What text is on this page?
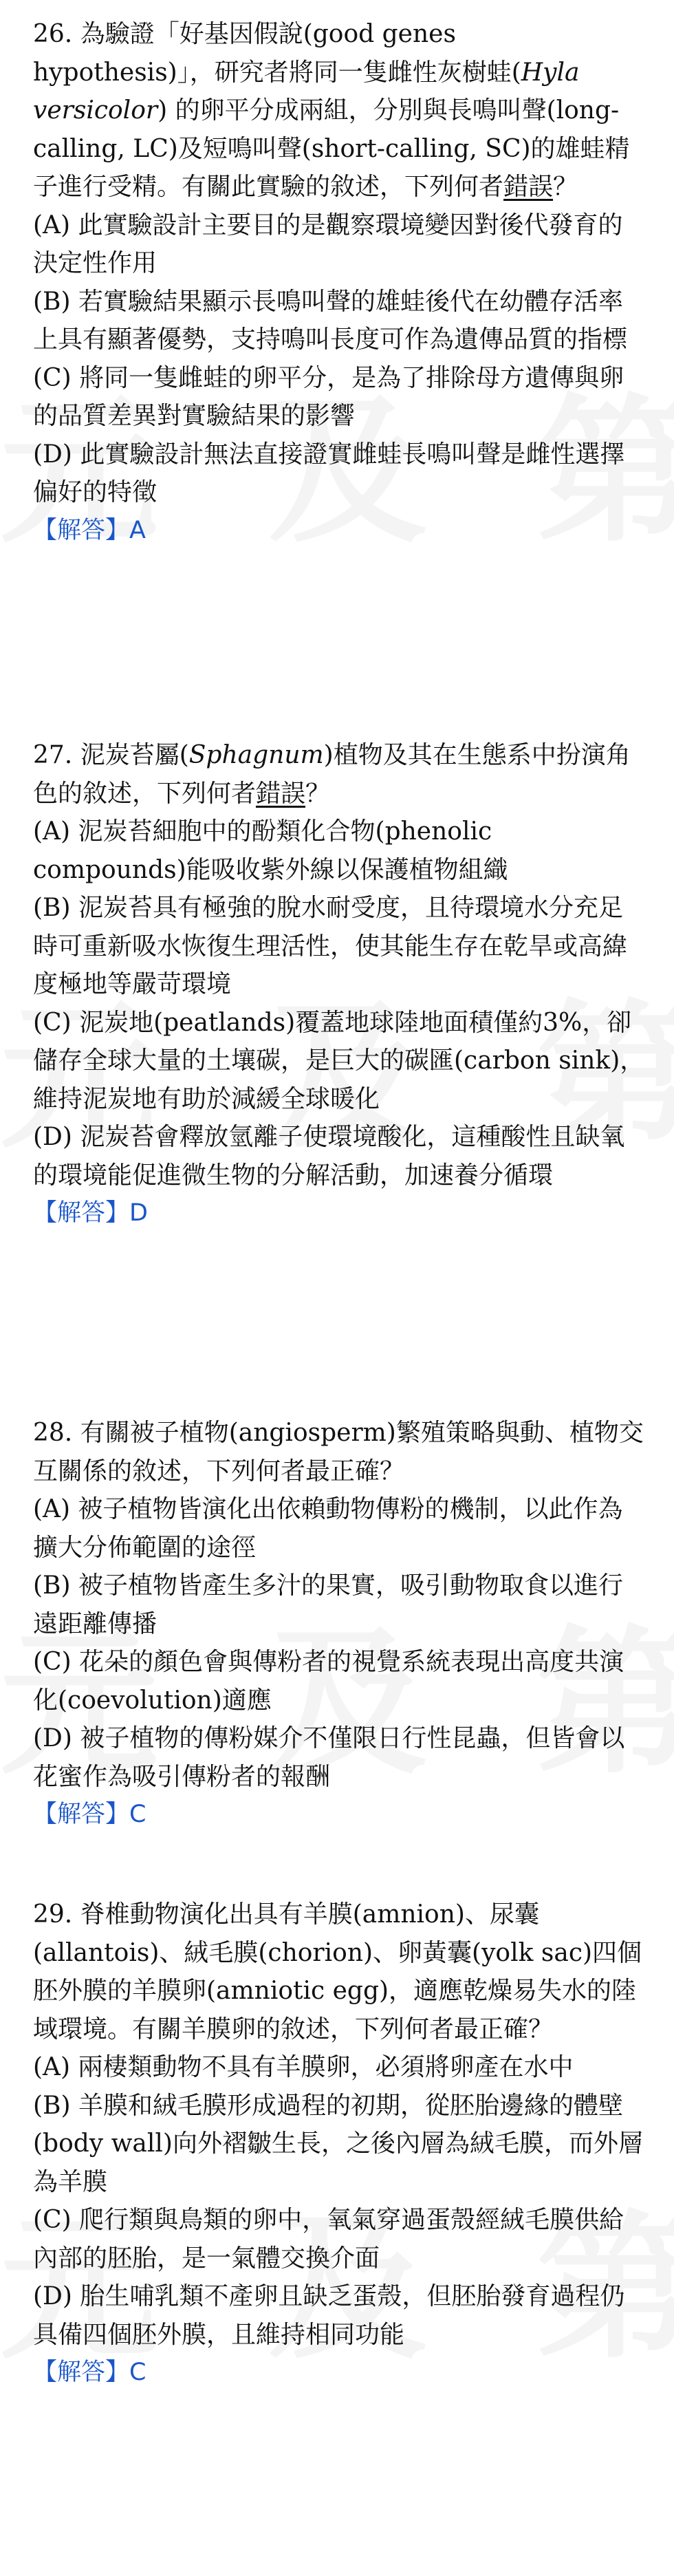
26. 為驗證「好基因假說(good genes hypothesis)」，研究者將同一隻雌性灰樹蛙(Hyla versicolor) 的卵平分成兩組，分別與長鳴叫聲(long-calling, LC)及短鳴叫聲(short-calling, SC)的雄蛙精子進行受精。有關此實驗的敘述，下列何者錯誤？

(A) 此實驗設計主要目的是觀察環境變因對後代發育的決定性作用

(B) 若實驗結果顯示長鳴叫聲的雄蛙後代在幼體存活率上具有顯著優勢，支持鳴叫長度可作為遺傳品質的指標

(C) 將同一隻雌蛙的卵平分，是為了排除母方遺傳與卵的品質差異對實驗結果的影響

(D) 此實驗設計無法直接證實雌蛙長鳴叫聲是雌性選擇偏好的特徵

【解答】A

27. 泥炭苔屬(Sphagnum)植物及其在生態系中扮演角色的敘述，下列何者錯誤？

(A) 泥炭苔細胞中的酚類化合物(phenolic compounds)能吸收紫外線以保護植物組織

(B) 泥炭苔具有極強的脫水耐受度，且待環境水分充足時可重新吸水恢復生理活性，使其能生存在乾旱或高緯度極地等嚴苛環境

(C) 泥炭地(peatlands)覆蓋地球陸地面積僅約3%，卻儲存全球大量的土壤碳，是巨大的碳匯(carbon sink)，維持泥炭地有助於減緩全球暖化

(D) 泥炭苔會釋放氫離子使環境酸化，這種酸性且缺氧的環境能促進微生物的分解活動，加速養分循環

【解答】D

28. 有關被子植物(angiosperm)繁殖策略與動、植物交互關係的敘述，下列何者最正確？

(A) 被子植物皆演化出依賴動物傳粉的機制，以此作為擴大分佈範圍的途徑

(B) 被子植物皆產生多汁的果實，吸引動物取食以進行遠距離傳播

(C) 花朵的顏色會與傳粉者的視覺系統表現出高度共演化(coevolution)適應

(D) 被子植物的傳粉媒介不僅限日行性昆蟲，但皆會以花蜜作為吸引傳粉者的報酬

【解答】C

29. 脊椎動物演化出具有羊膜(amnion)、尿囊(allantois)、絨毛膜(chorion)、卵黃囊(yolk sac)四個胚外膜的羊膜卵(amniotic egg)，適應乾燥易失水的陸域環境。有關羊膜卵的敘述，下列何者最正確？

(A) 兩棲類動物不具有羊膜卵，必須將卵產在水中

(B) 羊膜和絨毛膜形成過程的初期，從胚胎邊緣的體壁(body wall)向外褶皺生長，之後內層為絨毛膜，而外層為羊膜

(C) 爬行類與鳥類的卵中，氧氣穿過蛋殼經絨毛膜供給內部的胚胎，是一氣體交換介面

(D) 胎生哺乳類不產卵且缺乏蛋殼，但胚胎發育過程仍具備四個胚外膜，且維持相同功能

【解答】C
